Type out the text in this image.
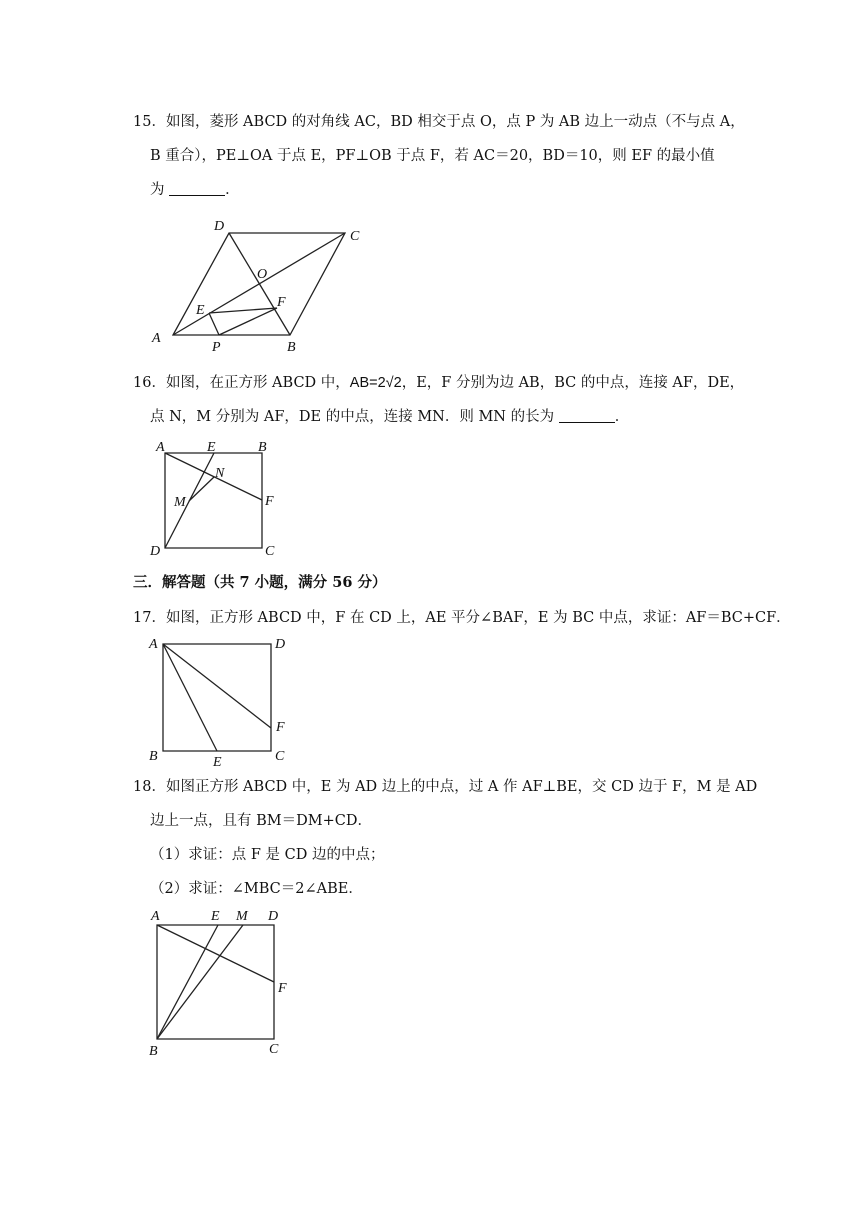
15．如图，菱形 ABCD 的对角线 AC，BD 相交于点 O，点 P 为 AB 边上一动点（不与点 A，
B 重合），PE⊥OA 于点 E，PF⊥OB 于点 F，若 AC＝20，BD＝10，则 EF 的最小值
为	．
A
P	B
C
D
O
E
F
16．如图，在正方形 ABCD 中，AB=2√2，E，F 分别为边 AB，BC 的中点，连接 AF，DE，
点 N，M 分别为 AF，DE 的中点，连接 MN．则 MN 的长为	．
A	E	B
N
M	F
D	C
三．解答题（共 7 小题，满分 56 分）
17．如图，正方形 ABCD 中，F 在 CD 上，AE 平分∠BAF，E 为 BC 中点，求证：AF＝BC+CF．
A	D
F
B	E	C
18．如图正方形 ABCD 中，E 为 AD 边上的中点，过 A 作 AF⊥BE，交 CD 边于 F，M 是 AD
边上一点，且有 BM＝DM+CD．
（1）求证：点 F 是 CD 边的中点；
（2）求证：∠MBC＝2∠ABE．
A	E M D
F
B	C
